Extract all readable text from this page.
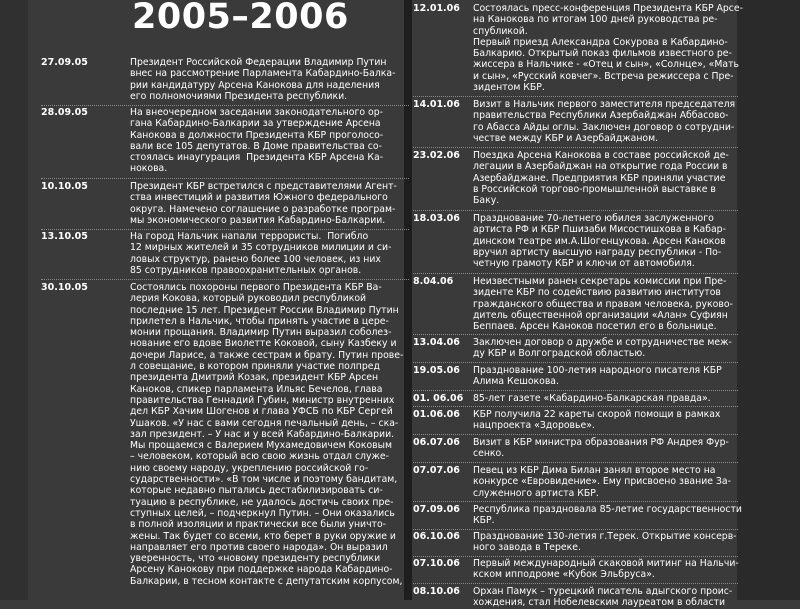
2005–2006
27.09.05	Президент Российской Федерации Владимир Путин
внес на рассмотрение Парламента Кабардино-Балка-
рии кандидатуру Арсена Канокова для наделения
его полномочиями Президента республики.
28.09.05	На внеочередном заседании законодательного ор-
гана Кабардино-Балкарии за утверждение Арсена
Канокова в должности Президента КБР проголосо-
вали все 105 депутатов. В Доме правительства со-
стоялась инаугурация  Президента КБР Арсена Ка-
нокова.
10.10.05	Президент КБР встретился с представителями Агент-
ства инвестиций и развития Южного федерального
округа. Намечено соглашение о разработке програм-
мы экономического развития Кабардино-Балкарии.
13.10.05	На город Нальчик напали террористы.  Погибло
12 мирных жителей и 35 сотрудников милиции и си-
ловых структур, ранено более 100 человек, из них
85 сотрудников правоохранительных органов.
30.10.05	Состоялись похороны первого Президента КБР Ва-
лерия Кокова, который руководил республикой
последние 15 лет. Президент России Владимир Путин
прилетел в Нальчик, чтобы принять участие в цере-
монии прощания. Владимир Путин выразил соболез-
нование его вдове Виолетте Коковой, сыну Казбеку и
дочери Ларисе, а также сестрам и брату. Путин прове-
л совещание, в котором приняли участие полпред
президента Дмитрий Козак, президент КБР Арсен
Каноков, спикер парламента Ильяс Бечелов, глава
правительства Геннадий Губин, министр внутренних
дел КБР Хачим Шогенов и глава УФСБ по КБР Сергей
Ушаков. «У нас с вами сегодня печальный день, – ска-
зал президент. – У нас и у всей Кабардино-Балкарии.
Мы прощаемся с Валерием Мухамедовичем Коковым
– человеком, который всю свою жизнь отдал служе-
нию своему народу, укреплению российской го-
сударственности». «В том числе и поэтому бандитам,
которые недавно пытались дестабилизировать си-
туацию в республике, не удалось достичь своих пре-
ступных целей, – подчеркнул Путин. – Они оказались
в полной изоляции и практически все были уничто-
жены. Так будет со всеми, кто берет в руки оружие и
направляет его против своего народа». Он выразил
уверенность, что «новому президенту республики
Арсену Канокову при поддержке народа Кабардино-
Балкарии, в тесном контакте с депутатским корпусом,
12.01.06 Состоялась пресс-конференция Президента КБР Арсе-
на Канокова по итогам 100 дней руководства ре-
спубликой.
Первый приезд Александра Сокурова в Кабардино-
Балкарию. Открытый показ фильмов известного ре-
жиссера в Нальчике - «Отец и сын», «Солнце», «Мать
и сын», «Русский ковчег». Встреча режиссера с Пре-
зидентом КБР.
14.01.06 Визит в Нальчик первого заместителя председателя
правительства Республики Азербайджан Аббасово-
го Абасса Айды оглы. Заключен договор о сотрудни-
честве между КБР и Азербайджаном.
23.02.06 Поездка Арсена Канокова в составе российской де-
легации в Азербайджан на открытие года России в
Азербайджане. Предприятия КБР приняли участие
в Российской торгово-промышленной выставке в
Баку.
18.03.06 Празднование 70-летнего юбилея заслуженного
артиста РФ и КБР Пшизаби Мисостишхова в Кабар-
динском театре им.А.Шогенцукова. Арсен Каноков
вручил артисту высшую награду республики - По-
четную грамоту КБР и ключи от автомобиля.
8.04.06 Неизвестными ранен секретарь комиссии при Пре-
зиденте КБР по содействию развитию институтов
гражданского общества и правам человека, руково-
дитель общественной организации «Алан» Суфиян
Беппаев. Арсен Каноков посетил его в больнице.
13.04.06 Заключен договор о дружбе и сотрудничестве меж-
ду КБР и Волгоградской областью.
19.05.06 Празднование 100-летия народного писателя КБР
Алима Кешокова.
01. 06.06 85-лет газете «Кабардино-Балкарская правда».
01.06.06 КБР получила 22 кареты скорой помощи в рамках
нацпроекта «Здоровье».
06.07.06 Визит в КБР министра образования РФ Андрея Фур-
сенко.
07.07.06 Певец из КБР Дима Билан занял второе место на
конкурсе «Евровидение». Ему присвоено звание За-
служенного артиста КБР.
07.09.06 Республика праздновала 85-летие государственности
КБР.
06.10.06 Празднование 130-летия г.Терек. Открытие консерв-
ного завода в Тереке.
07.10.06 Первый международный скаковой митинг на Нальчи-
кском ипподроме «Кубок Эльбруса».
08.10.06 Орхан Памук – турецкий писатель адыгского проис-
хождения, стал Нобелевским лауреатом в области
